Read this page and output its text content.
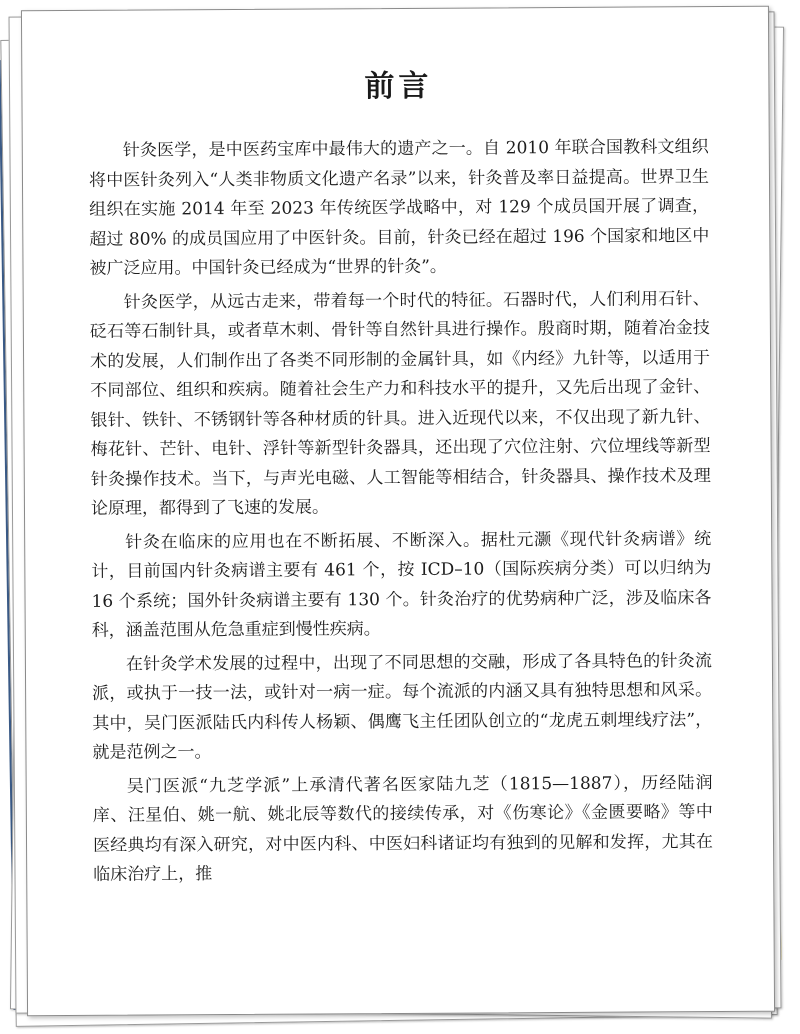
前言

针灸医学，是中医药宝库中最伟大的遗产之一。自 2010 年联合国教科文组织将中医针灸列入“人类非物质文化遗产名录”以来，针灸普及率日益提高。世界卫生组织在实施 2014 年至 2023 年传统医学战略中，对 129 个成员国开展了调查，超过 80% 的成员国应用了中医针灸。目前，针灸已经在超过 196 个国家和地区中被广泛应用。中国针灸已经成为“世界的针灸”。

针灸医学，从远古走来，带着每一个时代的特征。石器时代，人们利用石针、砭石等石制针具，或者草木刺、骨针等自然针具进行操作。殷商时期，随着冶金技术的发展，人们制作出了各类不同形制的金属针具，如《内经》九针等，以适用于不同部位、组织和疾病。随着社会生产力和科技水平的提升，又先后出现了金针、银针、铁针、不锈钢针等各种材质的针具。进入近现代以来，不仅出现了新九针、梅花针、芒针、电针、浮针等新型针灸器具，还出现了穴位注射、穴位埋线等新型针灸操作技术。当下，与声光电磁、人工智能等相结合，针灸器具、操作技术及理论原理，都得到了飞速的发展。

针灸在临床的应用也在不断拓展、不断深入。据杜元灏《现代针灸病谱》统计，目前国内针灸病谱主要有 461 个，按 ICD–10（国际疾病分类）可以归纳为 16 个系统；国外针灸病谱主要有 130 个。针灸治疗的优势病种广泛，涉及临床各科，涵盖范围从危急重症到慢性疾病。

在针灸学术发展的过程中，出现了不同思想的交融，形成了各具特色的针灸流派，或执于一技一法，或针对一病一症。每个流派的内涵又具有独特思想和风采。其中，吴门医派陆氏内科传人杨颖、偶鹰飞主任团队创立的“龙虎五刺埋线疗法”，就是范例之一。

吴门医派“九芝学派”上承清代著名医家陆九芝（1815—1887），历经陆润庠、汪星伯、姚一航、姚北辰等数代的接续传承，对《伤寒论》《金匮要略》等中医经典均有深入研究，对中医内科、中医妇科诸证均有独到的见解和发挥，尤其在临床治疗上，推
